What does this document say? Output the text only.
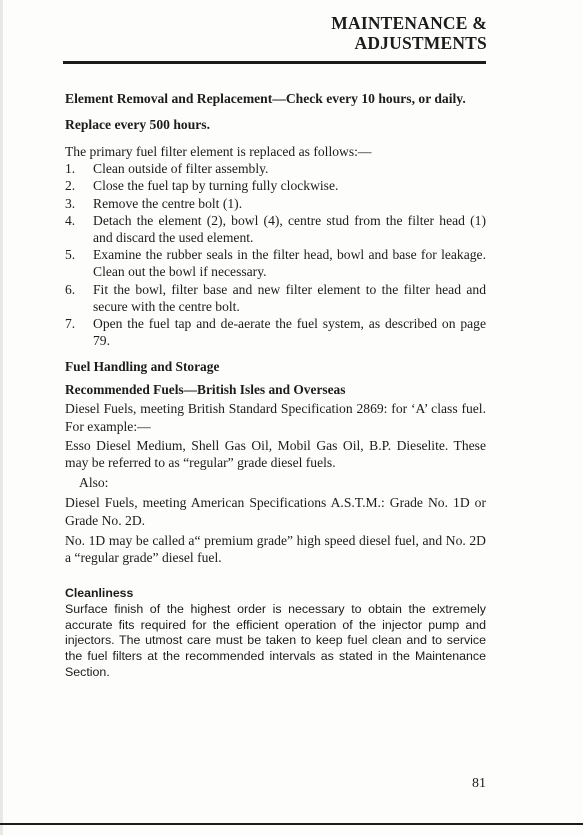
MAINTENANCE &
ADJUSTMENTS
Element Removal and Replacement—Check every 10 hours, or daily.
Replace every 500 hours.
The primary fuel filter element is replaced as follows:—
1.	Clean outside of filter assembly.
2.	Close the fuel tap by turning fully clockwise.
3.	Remove the centre bolt (1).
4.	Detach the element (2), bowl (4), centre stud from the filter head (1) and discard the used element.
5.	Examine the rubber seals in the filter head, bowl and base for leakage. Clean out the bowl if necessary.
6.	Fit the bowl, filter base and new filter element to the filter head and secure with the centre bolt.
7.	Open the fuel tap and de-aerate the fuel system, as described on page 79.
Fuel Handling and Storage
Recommended Fuels—British Isles and Overseas
Diesel Fuels, meeting British Standard Specification 2869: for ‘A’ class fuel. For example:—
Esso Diesel Medium, Shell Gas Oil, Mobil Gas Oil, B.P. Dieselite. These may be referred to as “regular” grade diesel fuels.
Also:
Diesel Fuels, meeting American Specifications A.S.T.M.: Grade No. 1D or Grade No. 2D.
No. 1D may be called a“ premium grade” high speed diesel fuel, and No. 2D a “regular grade” diesel fuel.
Cleanliness
Surface finish of the highest order is necessary to obtain the extremely accurate fits required for the efficient operation of the injector pump and injectors. The utmost care must be taken to keep fuel clean and to service the fuel filters at the recommended intervals as stated in the Maintenance Section.
81
